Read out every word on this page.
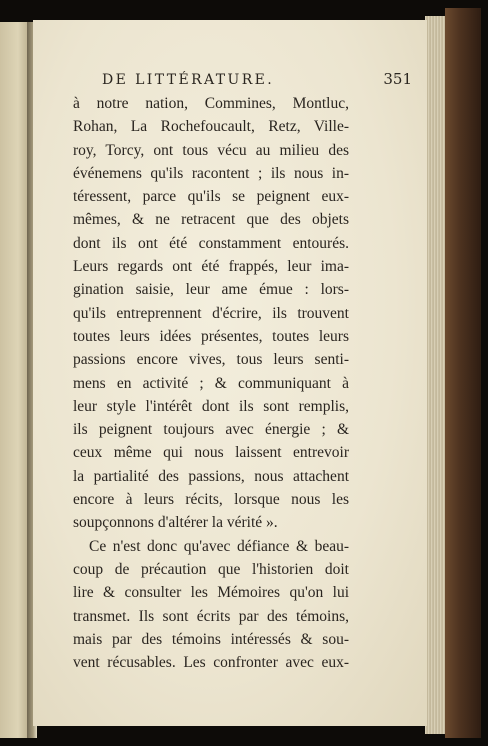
DE LITTÉRATURE.	351
à notre nation, Commines, Montluc,
Rohan, La Rochefoucault, Retz, Ville-
roy, Torcy, ont tous vécu au milieu des
événemens qu'ils racontent ; ils nous in-
téressent, parce qu'ils se peignent eux-
mêmes, & ne retracent que des objets
dont ils ont été constamment entourés.
Leurs regards ont été frappés, leur ima-
gination saisie, leur ame émue : lors-
qu'ils entreprennent d'écrire, ils trouvent
toutes leurs idées présentes, toutes leurs
passions encore vives, tous leurs senti-
mens en activité ; & communiquant à
leur style l'intérêt dont ils sont remplis,
ils peignent toujours avec énergie ; &
ceux même qui nous laissent entrevoir
la partialité des passions, nous attachent
encore à leurs récits, lorsque nous les
soupçonnons d'altérer la vérité ».
Ce n'est donc qu'avec défiance & beau-
coup de précaution que l'historien doit
lire & consulter les Mémoires qu'on lui
transmet. Ils sont écrits par des témoins,
mais par des témoins intéressés & sou-
vent récusables. Les confronter avec eux-
